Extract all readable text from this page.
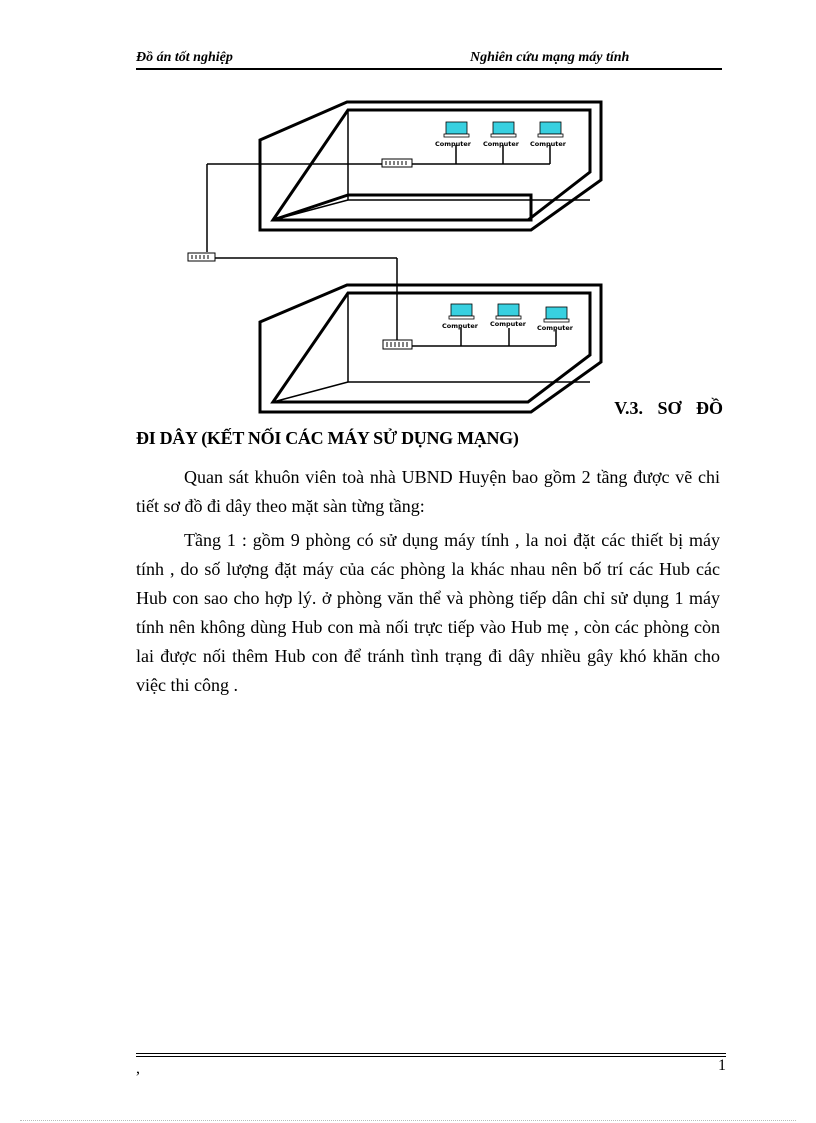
Đồ án tốt nghiệp	Nghiên cứu mạng máy tính
Computer Computer Computer
Computer Computer Computer
V.3. SƠ ĐỒ
ĐI DÂY (KẾT NỐI CÁC MÁY SỬ DỤNG MẠNG)
Quan sát khuôn viên toà nhà UBND Huyện bao gồm 2 tầng được vẽ chi tiết sơ đồ đi dây theo mặt sàn từng tầng:
Tầng 1 : gồm 9 phòng có sử dụng máy tính , la noi đặt các thiết bị máy tính , do số lượng đặt máy của các phòng la khác nhau nên bố trí các Hub các Hub con sao cho hợp lý. ở phòng văn thể và phòng tiếp dân chỉ sử dụng 1 máy tính nên không dùng Hub con mà nối trực tiếp vào Hub mẹ , còn các phòng còn lai được nối thêm Hub con để tránh tình trạng đi dây nhiều gây khó khăn cho việc thi công .
,	1
